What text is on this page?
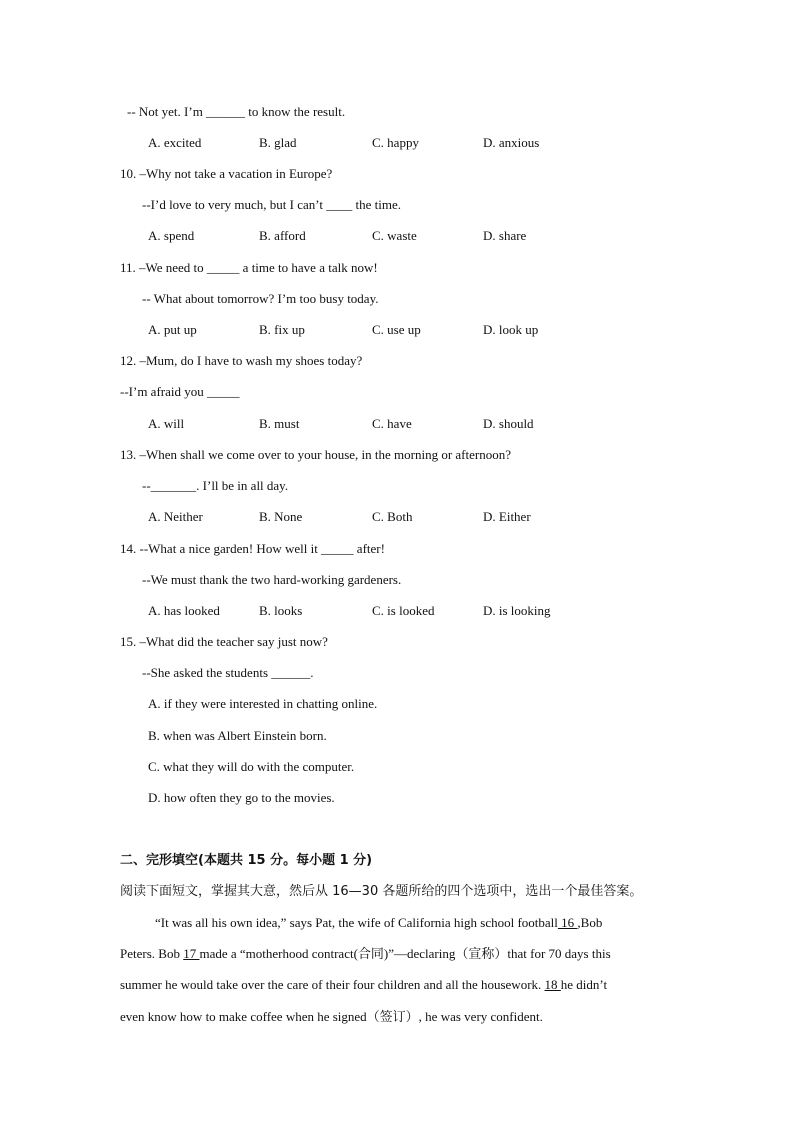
-- Not yet. I’m ______ to know the result.
A. excited	B. glad	C. happy	D. anxious
10. –Why not take a vacation in Europe?
--I’d love to very much, but I can’t ____ the time.
A. spend	B. afford	C. waste	D. share
11. –We need to _____ a time to have a talk now!
-- What about tomorrow? I’m too busy today.
A. put up	B. fix up	C. use up	D. look up
12. –Mum, do I have to wash my shoes today?
--I’m afraid you _____
A. will	B. must	C. have	D. should
13. –When shall we come over to your house, in the morning or afternoon?
--_______. I’ll be in all day.
A. Neither	B. None	C. Both	D. Either
14. --What a nice garden! How well it _____ after!
--We must thank the two hard-working gardeners.
A. has looked	B. looks	C. is looked	D. is looking
15. –What did the teacher say just now?
--She asked the students ______.
A. if they were interested in chatting online.
B. when was Albert Einstein born.
C. what they will do with the computer.
D. how often they go to the movies.
二、完形填空(本题共 15 分。每小题 1 分)
阅读下面短文，掌握其大意，然后从 16—30 各题所给的四个选项中，选出一个最佳答案。
“It was all his own idea,” says Pat, the wife of California high school football 16 ,Bob
Peters. Bob 17 made a “motherhood contract(合同)”—declaring（宣称）that for 70 days this
summer he would take over the care of their four children and all the housework. 18 he didn’t
even know how to make coffee when he signed（签订）, he was very confident.
